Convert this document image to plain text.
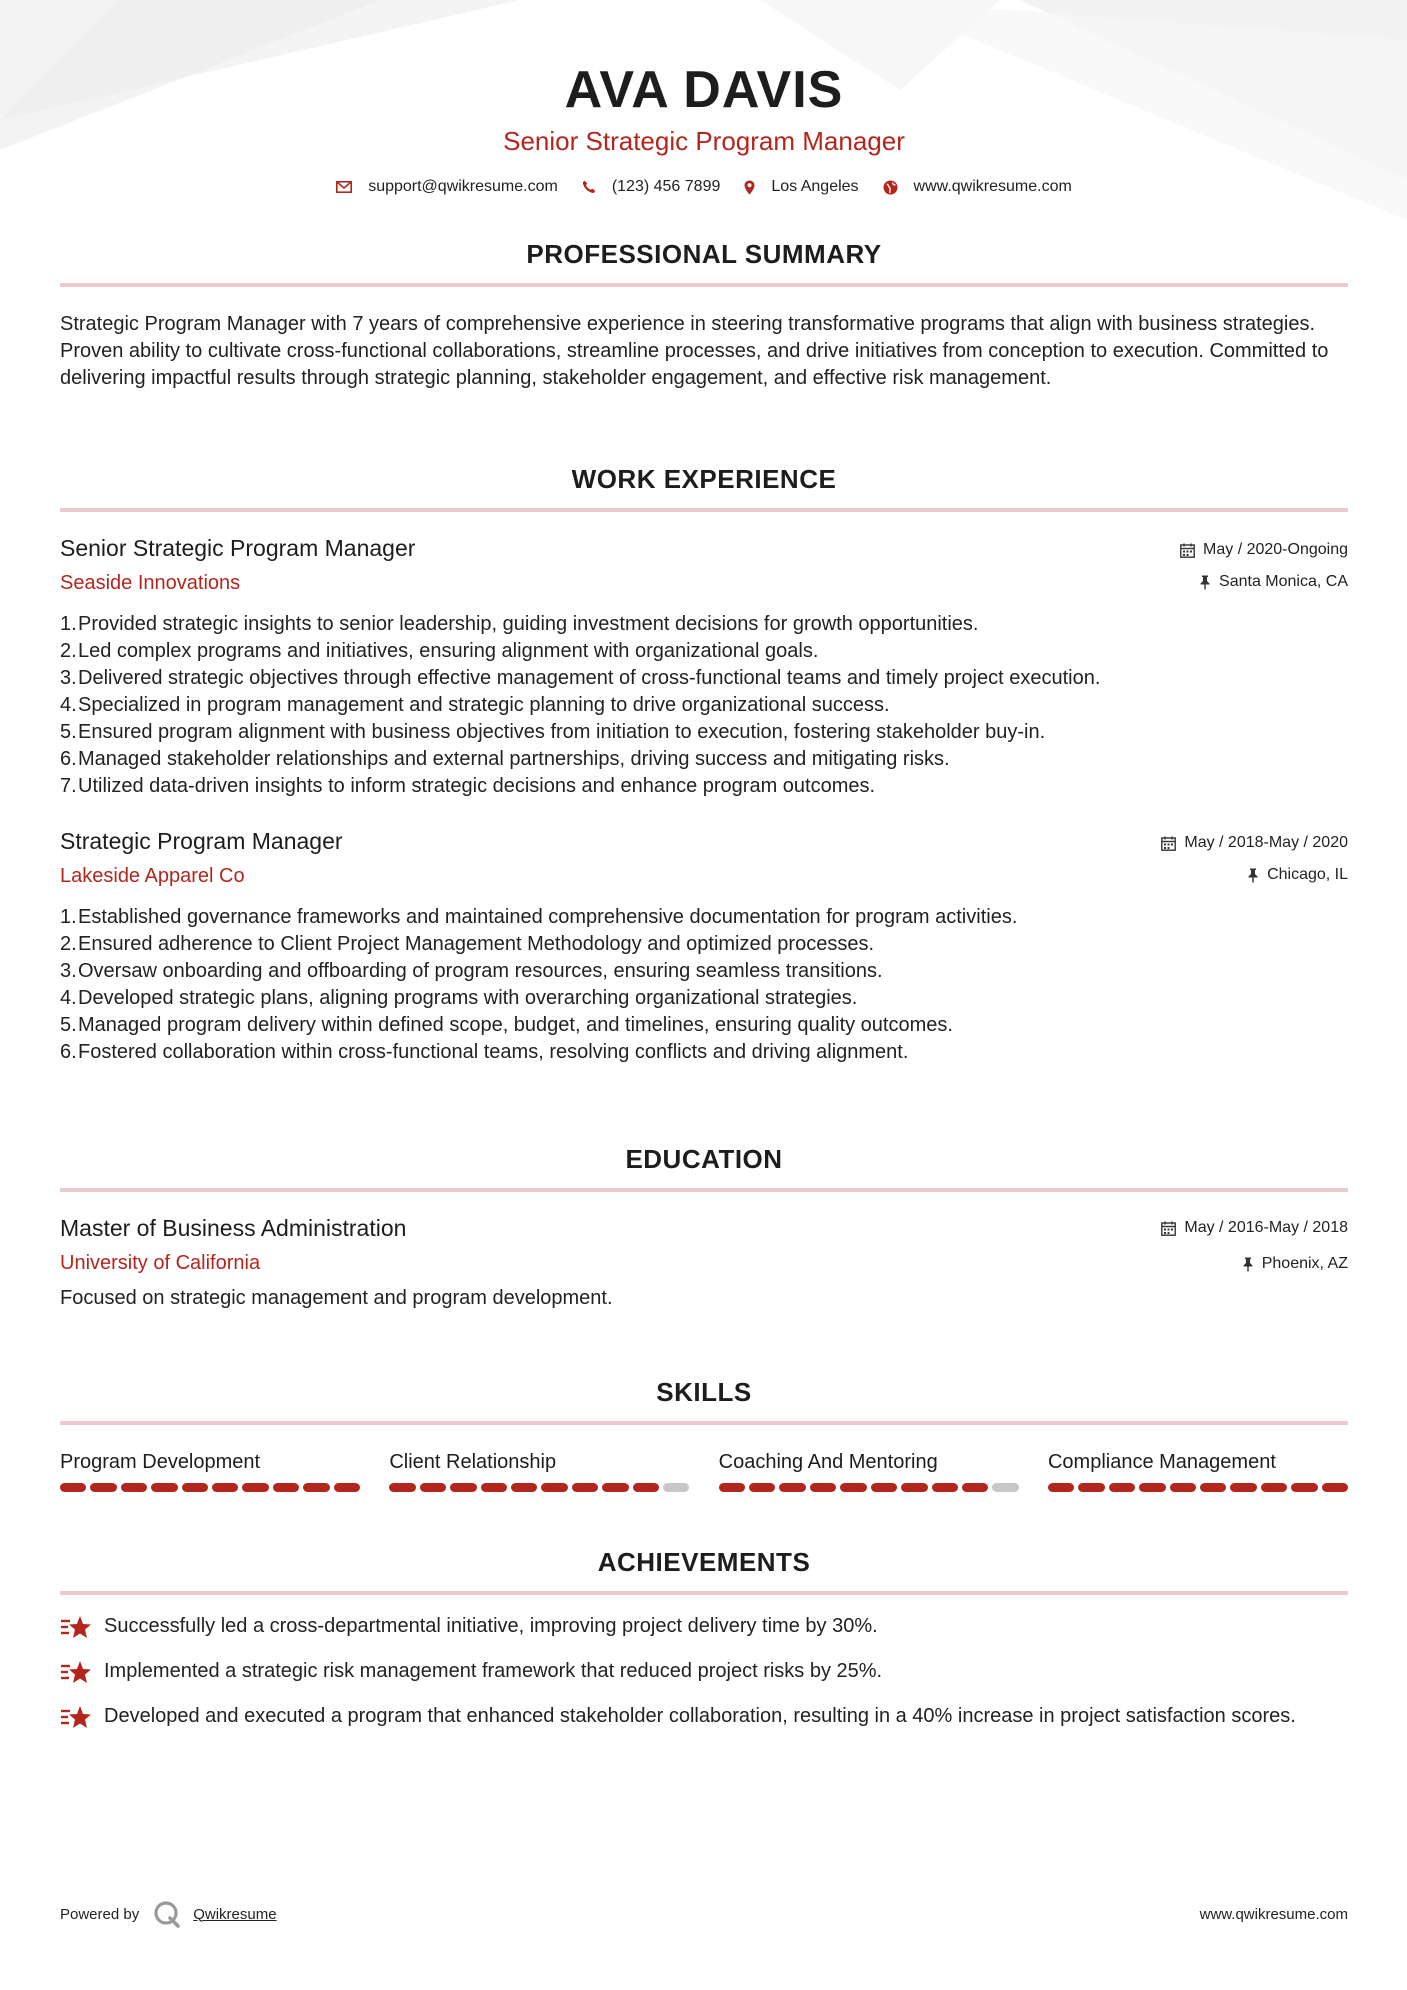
AVA DAVIS
Senior Strategic Program Manager
support@qwikresume.com	(123) 456 7899	Los Angeles	www.qwikresume.com
PROFESSIONAL SUMMARY
Strategic Program Manager with 7 years of comprehensive experience in steering transformative programs that align with business strategies. Proven ability to cultivate cross-functional collaborations, streamline processes, and drive initiatives from conception to execution. Committed to delivering impactful results through strategic planning, stakeholder engagement, and effective risk management.
WORK EXPERIENCE
Senior Strategic Program Manager
Seaside Innovations
May / 2020-Ongoing
Santa Monica, CA
1. Provided strategic insights to senior leadership, guiding investment decisions for growth opportunities.
2. Led complex programs and initiatives, ensuring alignment with organizational goals.
3. Delivered strategic objectives through effective management of cross-functional teams and timely project execution.
4. Specialized in program management and strategic planning to drive organizational success.
5. Ensured program alignment with business objectives from initiation to execution, fostering stakeholder buy-in.
6. Managed stakeholder relationships and external partnerships, driving success and mitigating risks.
7. Utilized data-driven insights to inform strategic decisions and enhance program outcomes.
Strategic Program Manager
Lakeside Apparel Co
May / 2018-May / 2020
Chicago, IL
1. Established governance frameworks and maintained comprehensive documentation for program activities.
2. Ensured adherence to Client Project Management Methodology and optimized processes.
3. Oversaw onboarding and offboarding of program resources, ensuring seamless transitions.
4. Developed strategic plans, aligning programs with overarching organizational strategies.
5. Managed program delivery within defined scope, budget, and timelines, ensuring quality outcomes.
6. Fostered collaboration within cross-functional teams, resolving conflicts and driving alignment.
EDUCATION
Master of Business Administration
University of California
May / 2016-May / 2018
Phoenix, AZ
Focused on strategic management and program development.
SKILLS
Program Development	Client Relationship	Coaching And Mentoring	Compliance Management
ACHIEVEMENTS
Successfully led a cross-departmental initiative, improving project delivery time by 30%.
Implemented a strategic risk management framework that reduced project risks by 25%.
Developed and executed a program that enhanced stakeholder collaboration, resulting in a 40% increase in project satisfaction scores.
Powered by	Qwikresume	www.qwikresume.com
